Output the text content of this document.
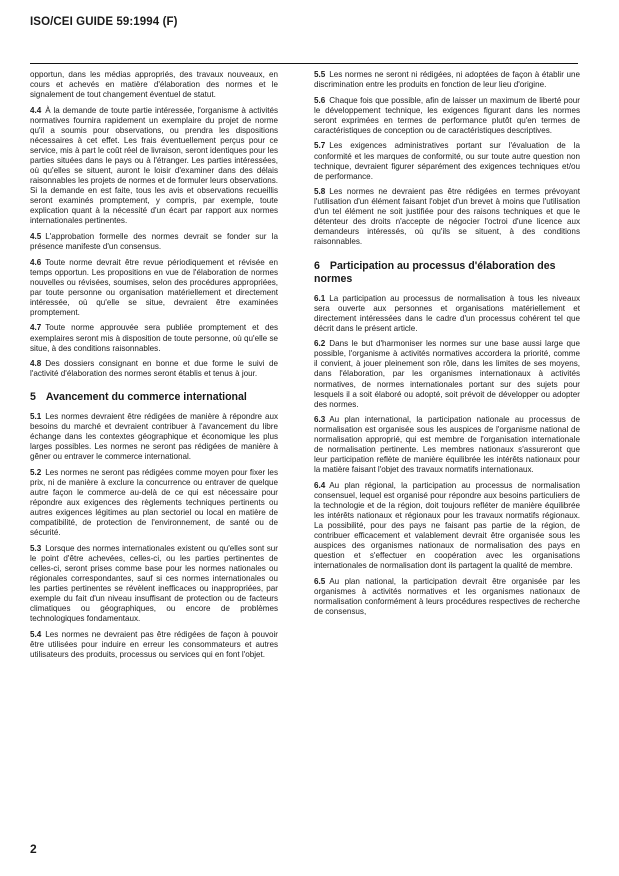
ISO/CEI GUIDE 59:1994 (F)

opportun, dans les médias appropriés, des travaux nouveaux, en cours et achevés en matière d'élaboration des normes et le signalement de tout changement éventuel de statut.

4.4 À la demande de toute partie intéressée, l'organisme à activités normatives fournira rapidement un exemplaire du projet de norme qu'il a soumis pour observations, ou prendra les dispositions nécessaires à cet effet. Les frais éventuellement perçus pour ce service, mis à part le coût réel de livraison, seront identiques pour les parties situées dans le pays ou à l'étranger. Les parties intéressées, où qu'elles se situent, auront le loisir d'examiner dans des délais raisonnables les projets de normes et de formuler leurs observations. Si la demande en est faite, tous les avis et observations recueillis seront examinés promptement, y compris, par exemple, toute explication quant à la nécessité d'un écart par rapport aux normes internationales pertinentes.

4.5 L'approbation formelle des normes devrait se fonder sur la présence manifeste d'un consensus.

4.6 Toute norme devrait être revue périodiquement et révisée en temps opportun. Les propositions en vue de l'élaboration de normes nouvelles ou révisées, soumises, selon des procédures appropriées, par toute personne ou organisation matériellement et directement intéressée, où qu'elle se situe, devraient être examinées promptement.

4.7 Toute norme approuvée sera publiée promptement et des exemplaires seront mis à disposition de toute personne, où qu'elle se situe, à des conditions raisonnables.

4.8 Des dossiers consignant en bonne et due forme le suivi de l'activité d'élaboration des normes seront établis et tenus à jour.

5 Avancement du commerce international

5.1 Les normes devraient être rédigées de manière à répondre aux besoins du marché et devraient contribuer à l'avancement du libre échange dans les contextes géographique et économique les plus larges possibles. Les normes ne seront pas rédigées de manière à gêner ou entraver le commerce international.

5.2 Les normes ne seront pas rédigées comme moyen pour fixer les prix, ni de manière à exclure la concurrence ou entraver de quelque autre façon le commerce au-delà de ce qui est nécessaire pour répondre aux exigences des règlements techniques pertinents ou autres exigences légitimes au plan sectoriel ou local en matière de compatibilité, de protection de l'environnement, de santé ou de sécurité.

5.3 Lorsque des normes internationales existent ou qu'elles sont sur le point d'être achevées, celles-ci, ou les parties pertinentes de celles-ci, seront prises comme base pour les normes nationales ou régionales correspondantes, sauf si ces normes internationales ou les parties pertinentes se révèlent inefficaces ou inappropriées, par exemple du fait d'un niveau insuffisant de protection ou de facteurs climatiques ou géographiques, ou encore de problèmes technologiques fondamentaux.

5.4 Les normes ne devraient pas être rédigées de façon à pouvoir être utilisées pour induire en erreur les consommateurs et autres utilisateurs des produits, processus ou services qui en font l'objet.

5.5 Les normes ne seront ni rédigées, ni adoptées de façon à établir une discrimination entre les produits en fonction de leur lieu d'origine.

5.6 Chaque fois que possible, afin de laisser un maximum de liberté pour le développement technique, les exigences figurant dans les normes seront exprimées en termes de performance plutôt qu'en termes de caractéristiques de conception ou de caractéristiques descriptives.

5.7 Les exigences administratives portant sur l'évaluation de la conformité et les marques de conformité, ou sur toute autre question non technique, devraient figurer séparément des exigences techniques et/ou de performance.

5.8 Les normes ne devraient pas être rédigées en termes prévoyant l'utilisation d'un élément faisant l'objet d'un brevet à moins que l'utilisation d'un tel élément ne soit justifiée pour des raisons techniques et que le détenteur des droits n'accepte de négocier l'octroi d'une licence aux demandeurs intéressés, où qu'ils se situent, à des conditions raisonnables.

6 Participation au processus d'élaboration des normes

6.1 La participation au processus de normalisation à tous les niveaux sera ouverte aux personnes et organisations matériellement et directement intéressées dans le cadre d'un processus cohérent tel que décrit dans le présent article.

6.2 Dans le but d'harmoniser les normes sur une base aussi large que possible, l'organisme à activités normatives accordera la priorité, comme il convient, à jouer pleinement son rôle, dans les limites de ses moyens, dans l'élaboration, par les organismes internationaux à activités normatives, de normes internationales portant sur des sujets pour lesquels il a soit élaboré ou adopté, soit prévoit de développer ou adopter des normes.

6.3 Au plan international, la participation nationale au processus de normalisation est organisée sous les auspices de l'organisme national de normalisation approprié, qui est membre de l'organisation internationale de normalisation pertinente. Les membres nationaux s'assureront que leur participation reflète de manière équilibrée les intérêts nationaux pour la matière faisant l'objet des travaux normatifs internationaux.

6.4 Au plan régional, la participation au processus de normalisation consensuel, lequel est organisé pour répondre aux besoins particuliers de la technologie et de la région, doit toujours refléter de manière équilibrée les intérêts nationaux et régionaux pour les travaux normatifs régionaux. La possibilité, pour des pays ne faisant pas partie de la région, de contribuer efficacement et valablement devrait être organisée sous les auspices des organismes nationaux de normalisation des pays en question et s'effectuer en coopération avec les organisations internationales de normalisation dont ils partagent la qualité de membre.

6.5 Au plan national, la participation devrait être organisée par les organismes à activités normatives et les organismes nationaux de normalisation conformément à leurs procédures respectives de recherche de consensus,

2
